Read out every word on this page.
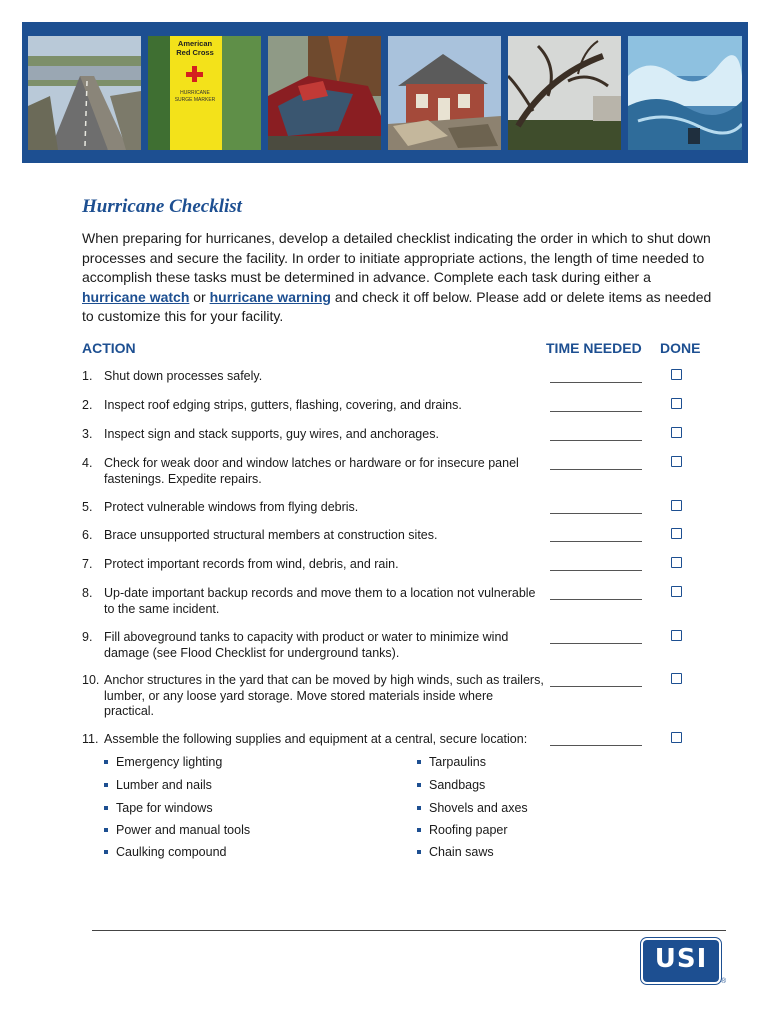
American
Red Cross
HURRICANE
SURGE MARKER
Hurricane Checklist

When preparing for hurricanes, develop a detailed checklist indicating the order in which to shut down processes and secure the facility. In order to initiate appropriate actions, the length of time needed to accomplish these tasks must be determined in advance. Complete each task during either a hurricane watch or hurricane warning and check it off below. Please add or delete items as needed to customize this for your facility.

ACTION	TIME NEEDED DONE
1. Shut down processes safely.
2. Inspect roof edging strips, gutters, flashing, covering, and drains.
3. Inspect sign and stack supports, guy wires, and anchorages.
4. Check for weak door and window latches or hardware or for insecure panel fastenings. Expedite repairs.
5. Protect vulnerable windows from flying debris.
6. Brace unsupported structural members at construction sites.
7. Protect important records from wind, debris, and rain.
8. Up-date important backup records and move them to a location not vulnerable to the same incident.
9. Fill aboveground tanks to capacity with product or water to minimize wind damage (see Flood Checklist for underground tanks).
10. Anchor structures in the yard that can be moved by high winds, such as trailers, lumber, or any loose yard storage. Move stored materials inside where practical.
11. Assemble the following supplies and equipment at a central, secure location:
Emergency lighting
Lumber and nails
Tape for windows
Power and manual tools
Caulking compound
Tarpaulins
Sandbags
Shovels and axes
Roofing paper
Chain saws
USI
®
